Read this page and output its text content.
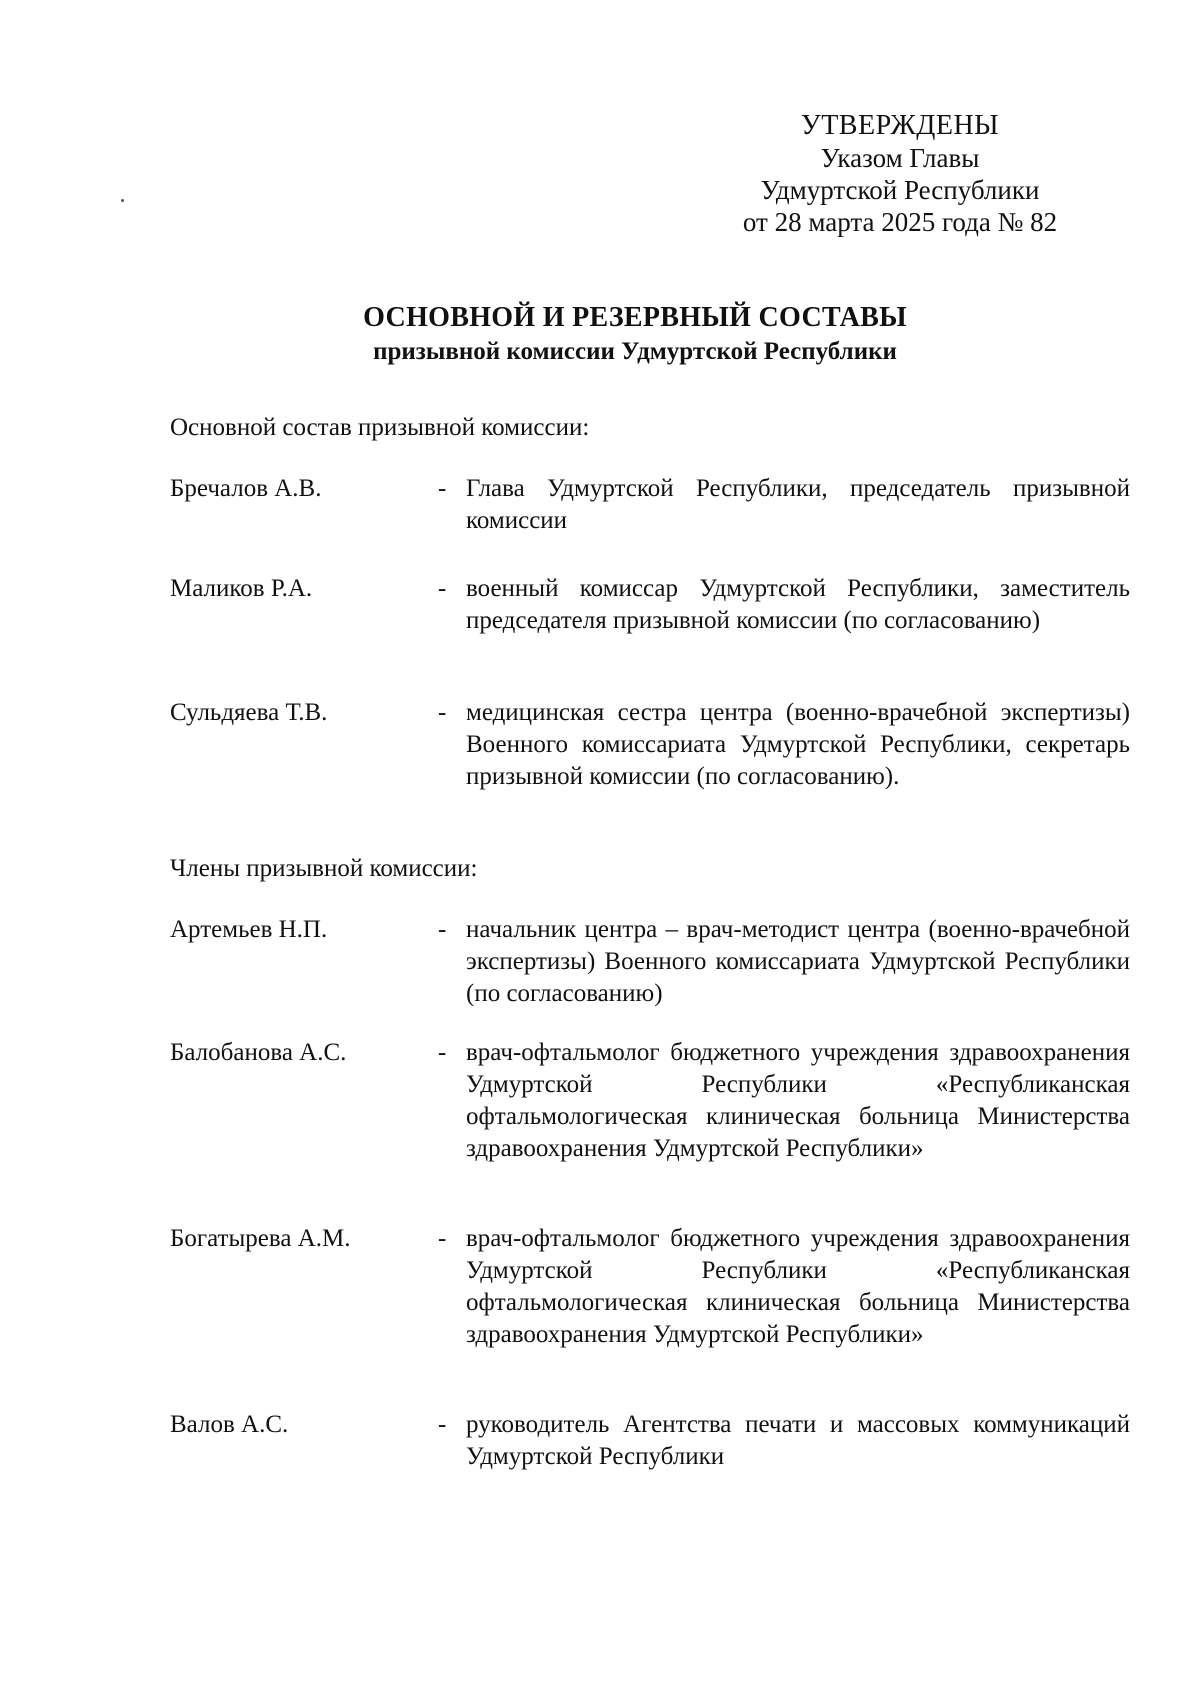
УТВЕРЖДЕНЫ
Указом Главы
Удмуртской Республики
от 28 марта 2025 года № 82
ОСНОВНОЙ И РЕЗЕРВНЫЙ СОСТАВЫ
призывной комиссии Удмуртской Республики
Основной состав призывной комиссии:
Бречалов А.В.	- Глава Удмуртской Республики, председатель призывной комиссии
Маликов Р.А.	- военный комиссар Удмуртской Республики, заместитель председателя призывной комиссии (по согласованию)
Сульдяева Т.В.	- медицинская сестра центра (военно-врачебной экспертизы) Военного комиссариата Удмуртской Республики, секретарь призывной комиссии (по согласованию).
Члены призывной комиссии:
Артемьев Н.П.	- начальник центра – врач-методист центра (военно-врачебной экспертизы) Военного комиссариата Удмуртской Республики (по согласованию)
Балобанова А.С.	- врач-офтальмолог бюджетного учреждения здравоохранения Удмуртской Республики «Республиканская офтальмологическая клиническая больница Министерства здравоохранения Удмуртской Республики»
Богатырева А.М.	- врач-офтальмолог бюджетного учреждения здравоохранения Удмуртской Республики «Республиканская офтальмологическая клиническая больница Министерства здравоохранения Удмуртской Республики»
Валов А.С.	- руководитель Агентства печати и массовых коммуникаций Удмуртской Республики
